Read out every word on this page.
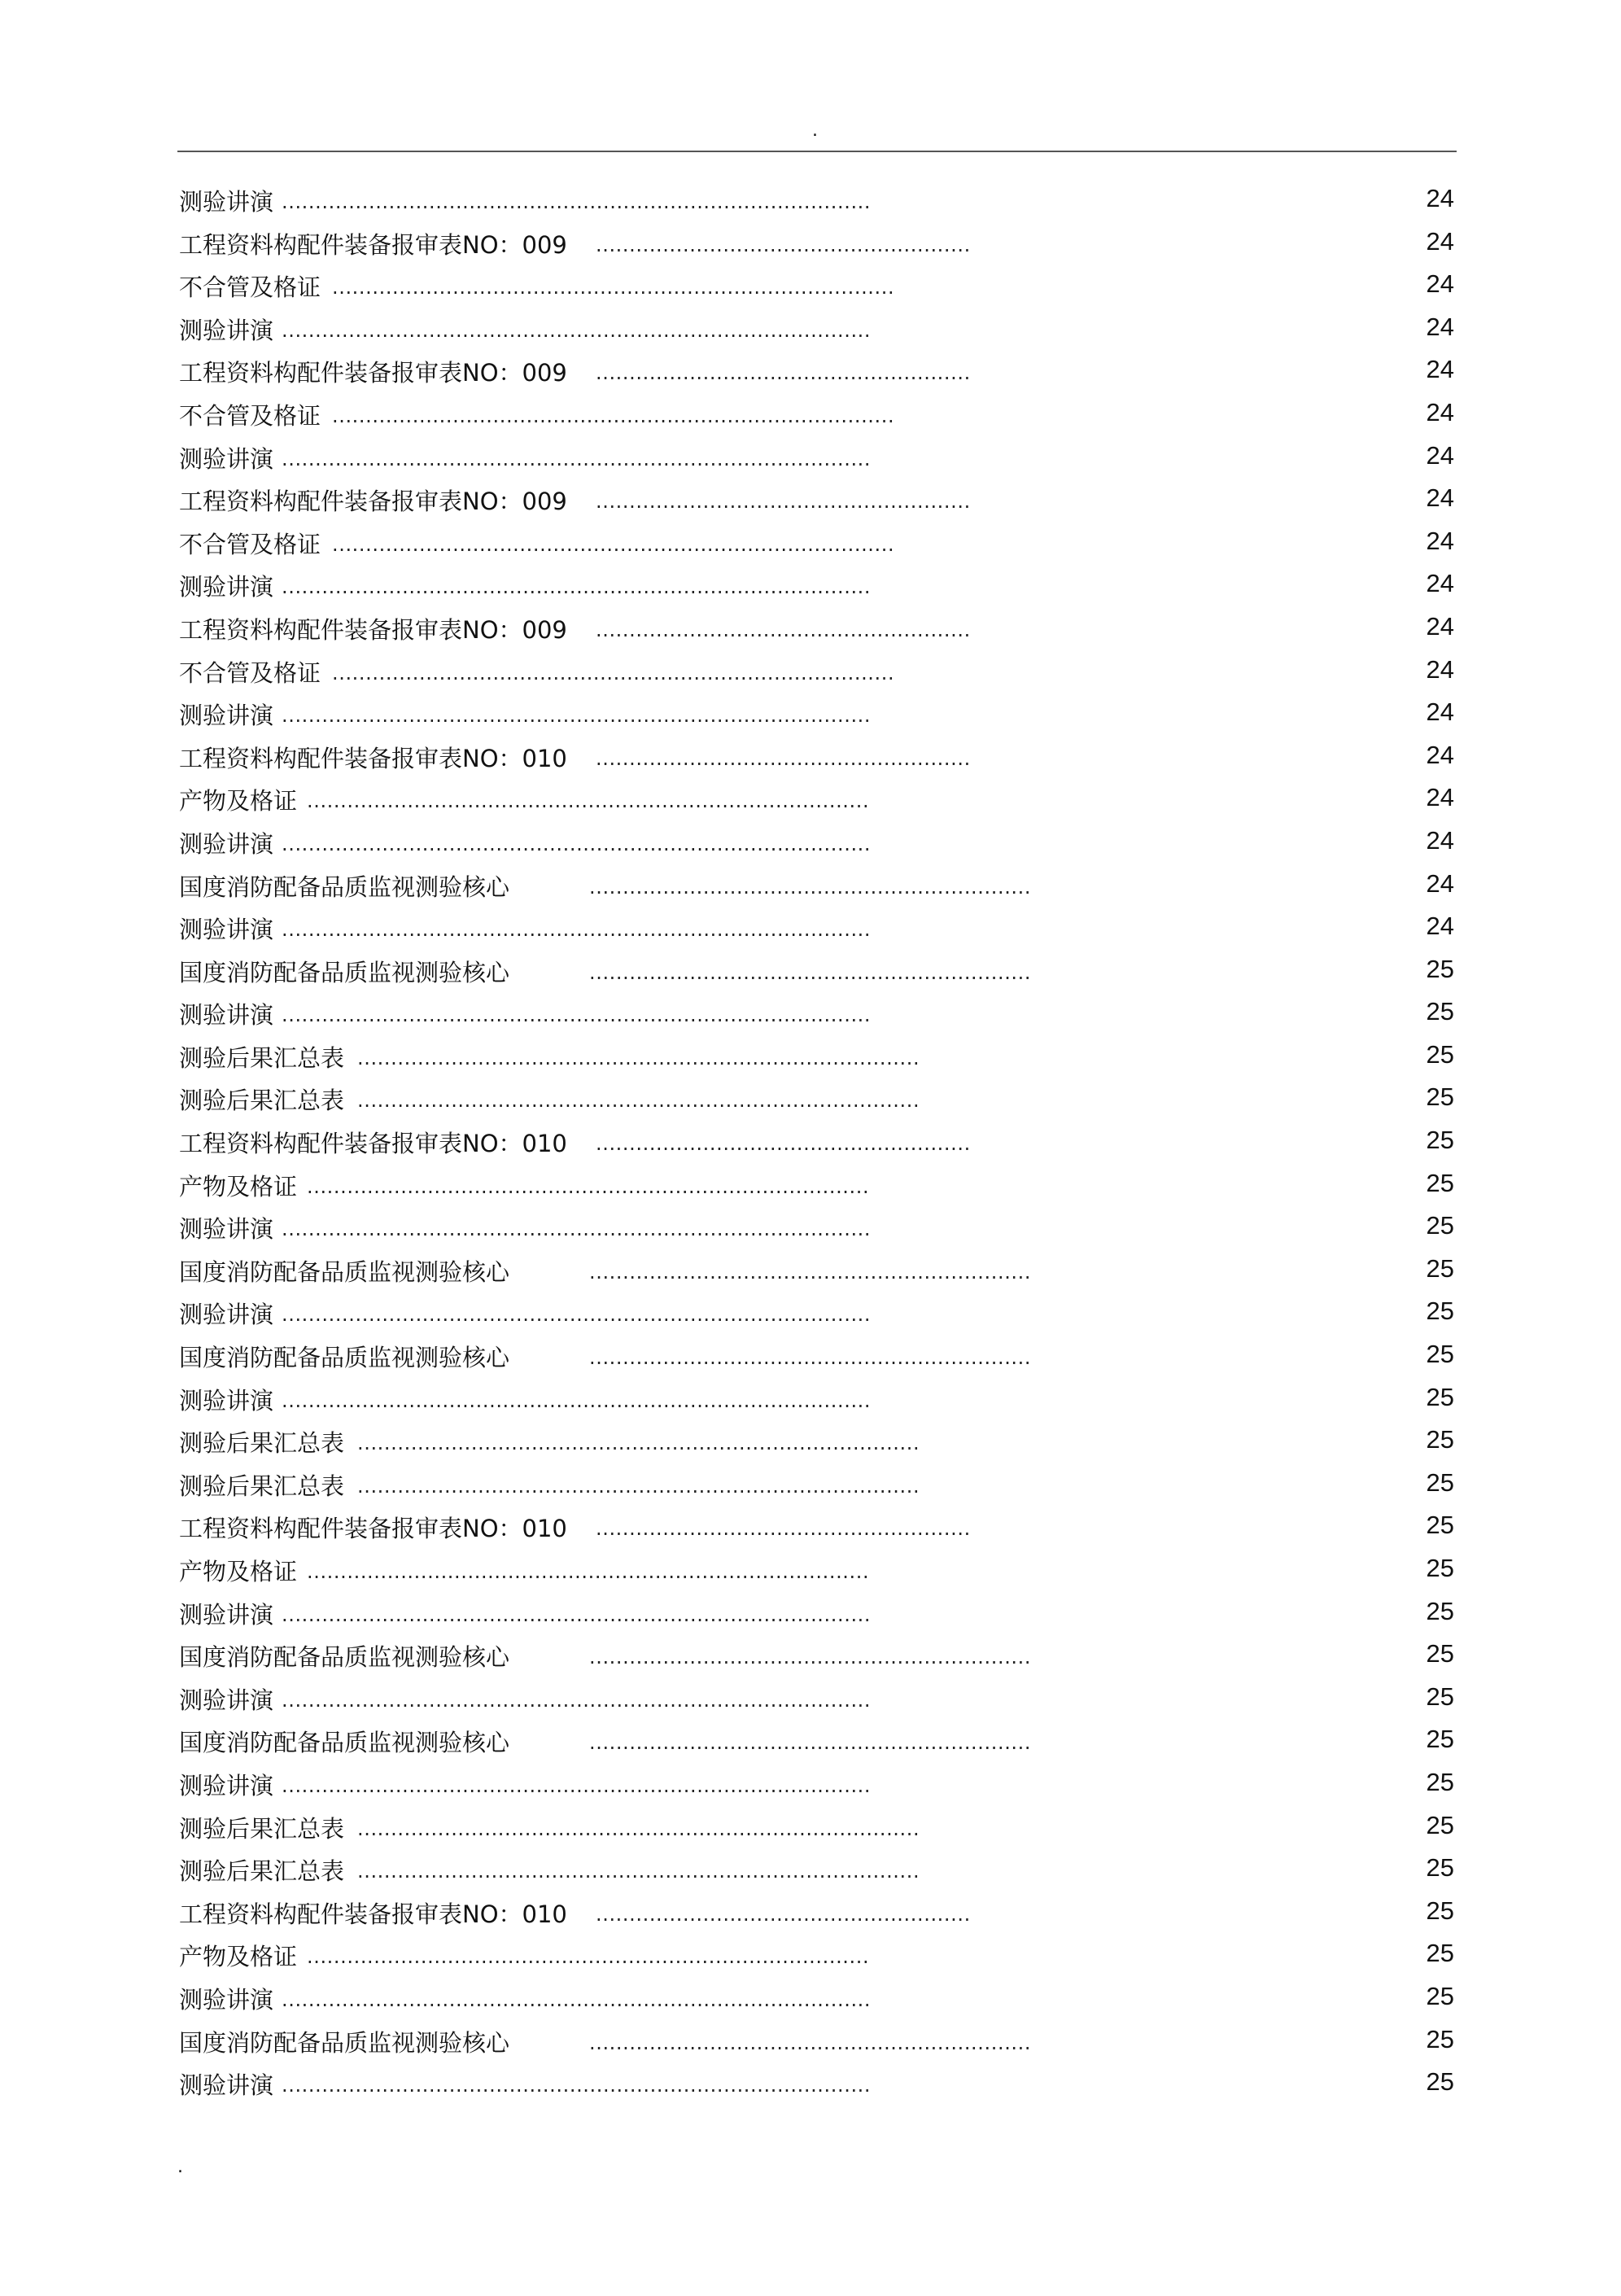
.
测验讲演 ........................................................................................	24
工程资料构配件装备报审表NO：009 ........................................................	24
不合管及格证 ....................................................................................	24
测验讲演 ........................................................................................	24
工程资料构配件装备报审表NO：009 ........................................................	24
不合管及格证 ....................................................................................	24
测验讲演 ........................................................................................	24
工程资料构配件装备报审表NO：009 ........................................................	24
不合管及格证 ....................................................................................	24
测验讲演 ........................................................................................	24
工程资料构配件装备报审表NO：009 ........................................................	24
不合管及格证 ....................................................................................	24
测验讲演 ........................................................................................	24
工程资料构配件装备报审表NO：010 ........................................................	24
产物及格证 ....................................................................................	24
测验讲演 ........................................................................................	24
国度消防配备品质监视测验核心	..................................................................	24
测验讲演 ........................................................................................	24
国度消防配备品质监视测验核心	..................................................................	25
测验讲演 ........................................................................................	25
测验后果汇总表 ....................................................................................	25
测验后果汇总表 ....................................................................................	25
工程资料构配件装备报审表NO：010 ........................................................	25
产物及格证 ....................................................................................	25
测验讲演 ........................................................................................	25
国度消防配备品质监视测验核心	..................................................................	25
测验讲演 ........................................................................................	25
国度消防配备品质监视测验核心	..................................................................	25
测验讲演 ........................................................................................	25
测验后果汇总表 ....................................................................................	25
测验后果汇总表 ....................................................................................	25
工程资料构配件装备报审表NO：010 ........................................................	25
产物及格证 ....................................................................................	25
测验讲演 ........................................................................................	25
国度消防配备品质监视测验核心	..................................................................	25
测验讲演 ........................................................................................	25
国度消防配备品质监视测验核心	..................................................................	25
测验讲演 ........................................................................................	25
测验后果汇总表 ....................................................................................	25
测验后果汇总表 ....................................................................................	25
工程资料构配件装备报审表NO：010 ........................................................	25
产物及格证 ....................................................................................	25
测验讲演 ........................................................................................	25
国度消防配备品质监视测验核心	..................................................................	25
测验讲演 ........................................................................................	25
.
